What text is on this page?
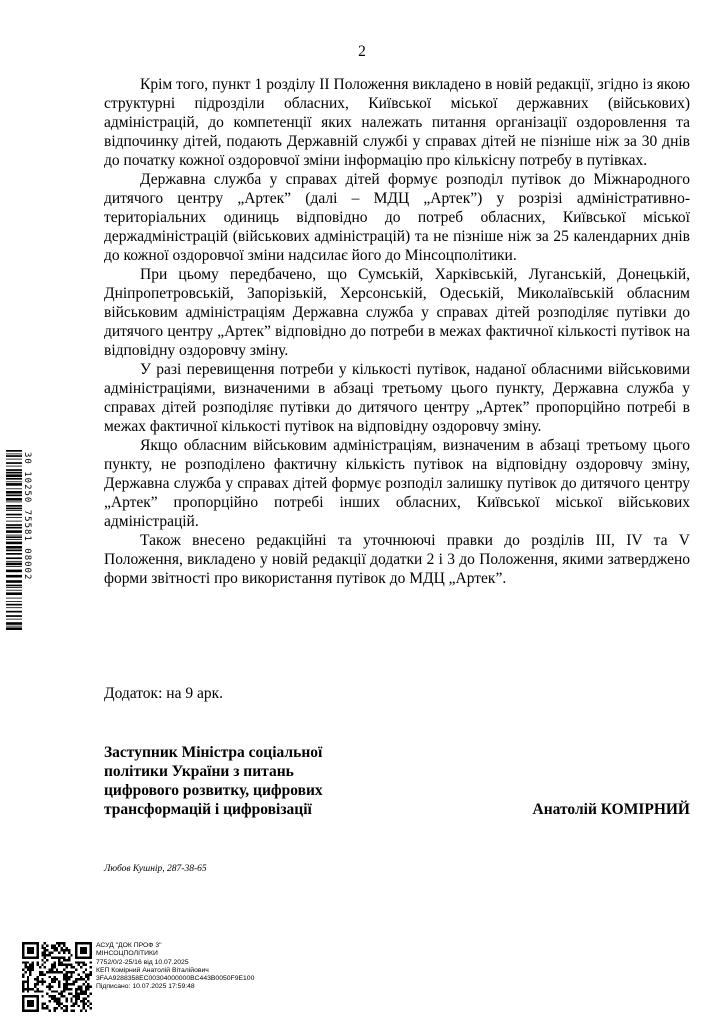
2

Крім того, пункт 1 розділу ІІ Положення викладено в новій редакції, згідно із якою структурні підрозділи обласних, Київської міської державних (військових) адміністрацій, до компетенції яких належать питання організації оздоровлення та відпочинку дітей, подають Державній службі у справах дітей не пізніше ніж за 30 днів до початку кожної оздоровчої зміни інформацію про кількісну потребу в путівках.

Державна служба у справах дітей формує розподіл путівок до Міжнародного дитячого центру „Артек” (далі – МДЦ „Артек”) у розрізі адміністративно-територіальних одиниць відповідно до потреб обласних, Київської міської держадміністрацій (військових адміністрацій) та не пізніше ніж за 25 календарних днів до кожної оздоровчої зміни надсилає його до Мінсоцполітики.

При цьому передбачено, що Сумській, Харківській, Луганській, Донецькій, Дніпропетровській, Запорізькій, Херсонській, Одеській, Миколаївській обласним військовим адміністраціям Державна служба у справах дітей розподіляє путівки до дитячого центру „Артек” відповідно до потреби в межах фактичної кількості путівок на відповідну оздоровчу зміну.

У разі перевищення потреби у кількості путівок, наданої обласними військовими адміністраціями, визначеними в абзаці третьому цього пункту, Державна служба у справах дітей розподіляє путівки до дитячого центру „Артек” пропорційно потребі в межах фактичної кількості путівок на відповідну оздоровчу зміну.

Якщо обласним військовим адміністраціям, визначеним в абзаці третьому цього пункту, не розподілено фактичну кількість путівок на відповідну оздоровчу зміну, Державна служба у справах дітей формує розподіл залишку путівок до дитячого центру „Артек” пропорційно потребі інших обласних, Київської міської військових адміністрацій.

Також внесено редакційні та уточнюючі правки до розділів ІІІ, IV та V Положення, викладено у новій редакції додатки 2 і 3 до Положення, якими затверджено форми звітності про використання путівок до МДЦ „Артек”.

Додаток: на 9 арк.
Заступник Міністра соціальної
політики України з питань
цифрового розвитку, цифрових
трансформацій і цифровізації	Анатолій КОМІРНИЙ
Любов Кушнір, 287-38-65
30 10250 75581 08002
АСУД "ДОК ПРОФ 3"
МІНСОЦПОЛІТИКИ
7752/0/2-25/16 від 10.07.2025
КЕП Комірний Анатолій Віталійович
3FAA9288358EC00304000000BC443B0050F9E100
Підписано: 10.07.2025 17:59:48
